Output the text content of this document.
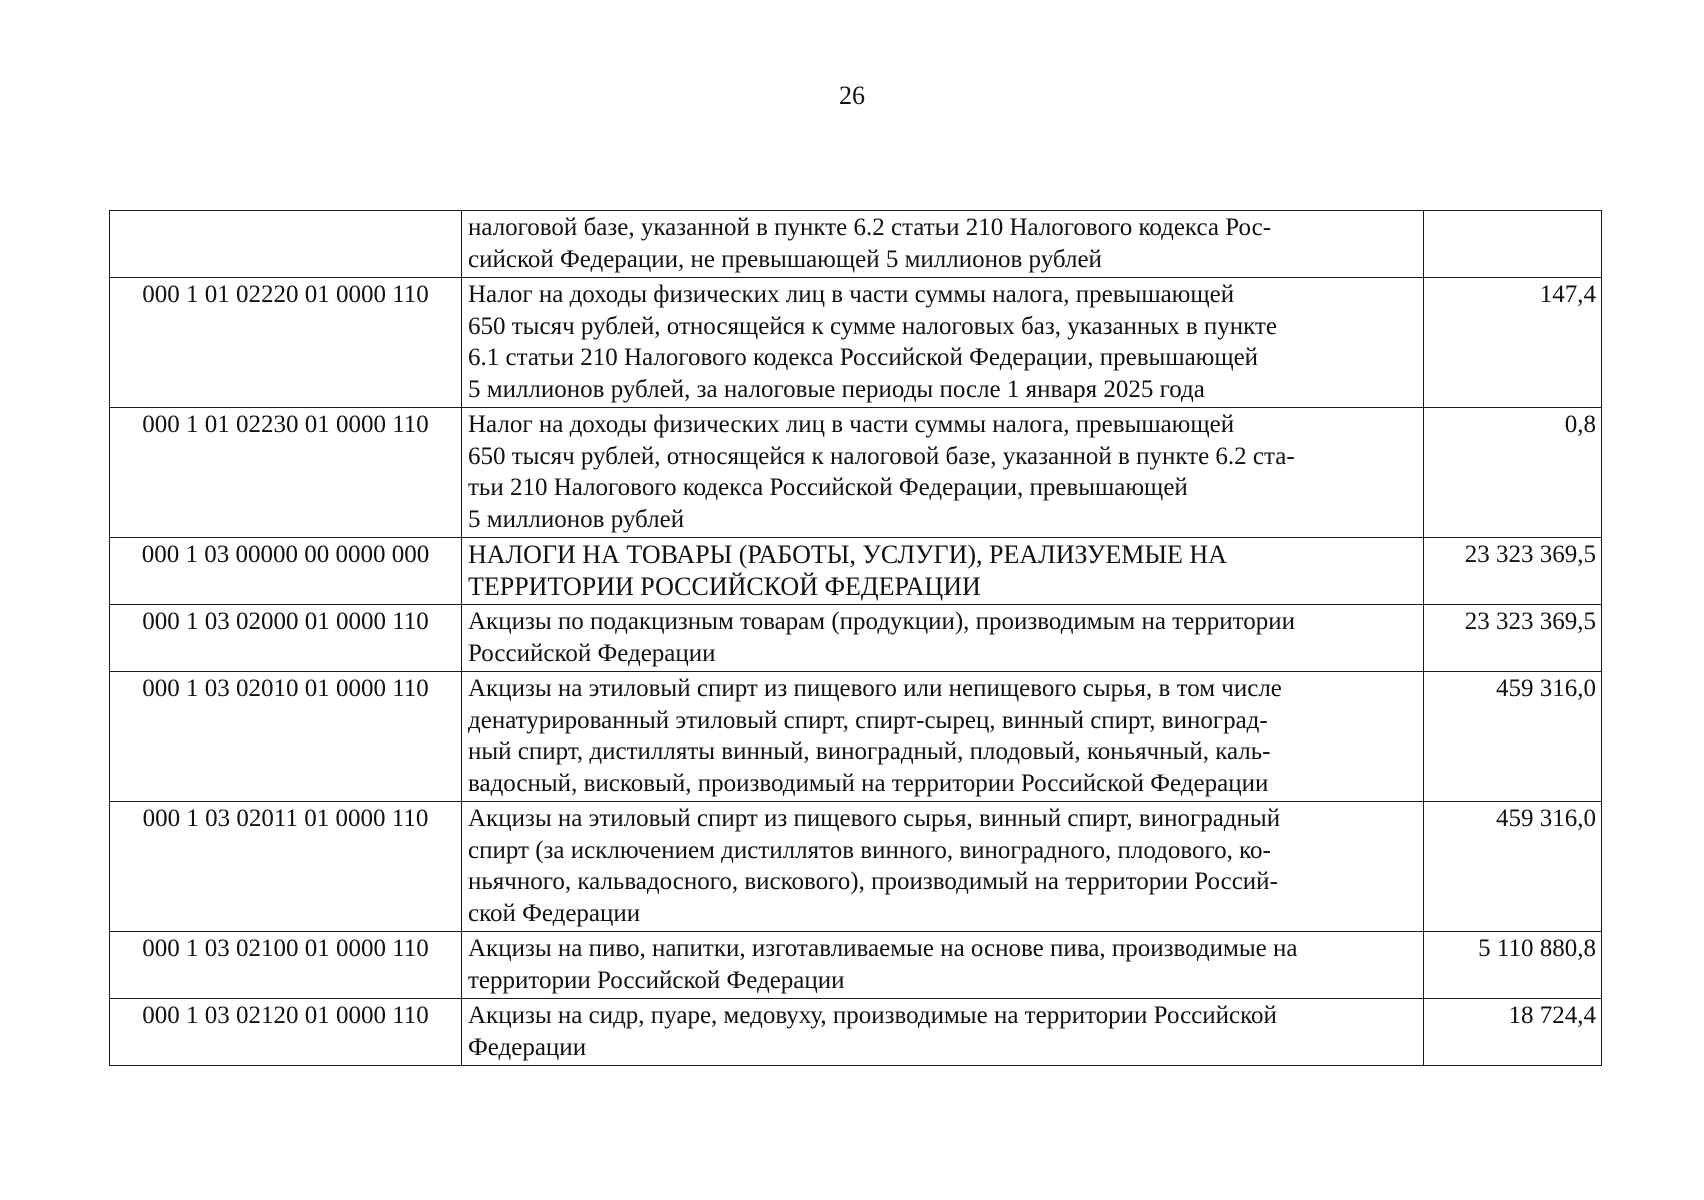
26

	налоговой базе, указанной в пункте 6.2 статьи 210 Налогового кодекса Рос-
сийской Федерации, не превышающей 5 миллионов рублей	

000 1 01 02220 01 0000 110	Налог на доходы физических лиц в части суммы налога, превышающей
650 тысяч рублей, относящейся к сумме налоговых баз, указанных в пункте
6.1 статьи 210 Налогового кодекса Российской Федерации, превышающей
5 миллионов рублей, за налоговые периоды после 1 января 2025 года	147,4
000 1 01 02230 01 0000 110	Налог на доходы физических лиц в части суммы налога, превышающей
650 тысяч рублей, относящейся к налоговой базе, указанной в пункте 6.2 ста-
тьи 210 Налогового кодекса Российской Федерации, превышающей
5 миллионов рублей	0,8
000 1 03 00000 00 0000 000	НАЛОГИ НА ТОВАРЫ (РАБОТЫ, УСЛУГИ), РЕАЛИЗУЕМЫЕ НА
ТЕРРИТОРИИ РОССИЙСКОЙ ФЕДЕРАЦИИ	23 323 369,5
000 1 03 02000 01 0000 110	Акцизы по подакцизным товарам (продукции), производимым на территории
Российской Федерации	23 323 369,5
000 1 03 02010 01 0000 110	Акцизы на этиловый спирт из пищевого или непищевого сырья, в том числе
денатурированный этиловый спирт, спирт-сырец, винный спирт, виноград-
ный спирт, дистилляты винный, виноградный, плодовый, коньячный, каль-
вадосный, висковый, производимый на территории Российской Федерации	459 316,0
000 1 03 02011 01 0000 110	Акцизы на этиловый спирт из пищевого сырья, винный спирт, виноградный
спирт (за исключением дистиллятов винного, виноградного, плодового, ко-
ньячного, кальвадосного, вискового), производимый на территории Россий-
ской Федерации	459 316,0
000 1 03 02100 01 0000 110	Акцизы на пиво, напитки, изготавливаемые на основе пива, производимые на
территории Российской Федерации	5 110 880,8
000 1 03 02120 01 0000 110	Акцизы на сидр, пуаре, медовуху, производимые на территории Российской
Федерации	18 724,4
